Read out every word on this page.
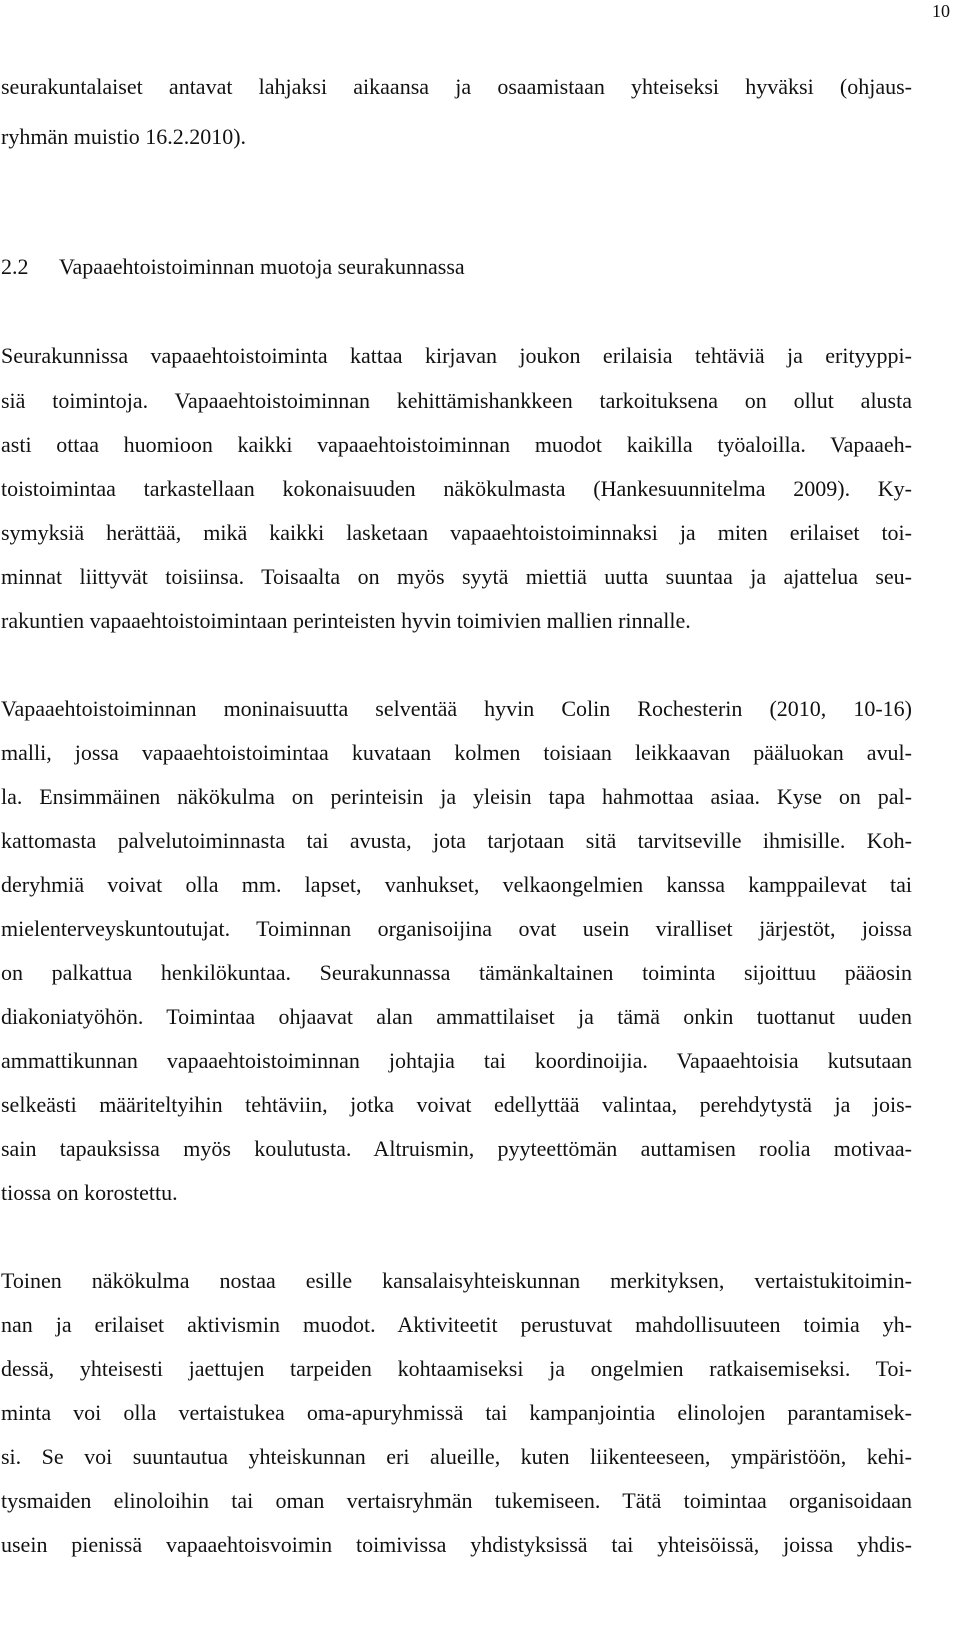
10
seurakuntalaiset antavat lahjaksi aikaansa ja osaamistaan yhteiseksi hyväksi (ohjaus-
ryhmän muistio 16.2.2010).
2.2 Vapaaehtoistoiminnan muotoja seurakunnassa
Seurakunnissa vapaaehtoistoiminta kattaa kirjavan joukon erilaisia tehtäviä ja erityyppi-
siä toimintoja. Vapaaehtoistoiminnan kehittämishankkeen tarkoituksena on ollut alusta
asti ottaa huomioon kaikki vapaaehtoistoiminnan muodot kaikilla työaloilla. Vapaaeh-
toistoimintaa tarkastellaan kokonaisuuden näkökulmasta (Hankesuunnitelma 2009). Ky-
symyksiä herättää, mikä kaikki lasketaan vapaaehtoistoiminnaksi ja miten erilaiset toi-
minnat liittyvät toisiinsa. Toisaalta on myös syytä miettiä uutta suuntaa ja ajattelua seu-
rakuntien vapaaehtoistoimintaan perinteisten hyvin toimivien mallien rinnalle.
Vapaaehtoistoiminnan moninaisuutta selventää hyvin Colin Rochesterin (2010, 10-16)
malli, jossa vapaaehtoistoimintaa kuvataan kolmen toisiaan leikkaavan pääluokan avul-
la. Ensimmäinen näkökulma on perinteisin ja yleisin tapa hahmottaa asiaa. Kyse on pal-
kattomasta palvelutoiminnasta tai avusta, jota tarjotaan sitä tarvitseville ihmisille. Koh-
deryhmiä voivat olla mm. lapset, vanhukset, velkaongelmien kanssa kamppailevat tai
mielenterveyskuntoutujat. Toiminnan organisoijina ovat usein viralliset järjestöt, joissa
on palkattua henkilökuntaa. Seurakunnassa tämänkaltainen toiminta sijoittuu pääosin
diakoniatyöhön. Toimintaa ohjaavat alan ammattilaiset ja tämä onkin tuottanut uuden
ammattikunnan vapaaehtoistoiminnan johtajia tai koordinoijia. Vapaaehtoisia kutsutaan
selkeästi määriteltyihin tehtäviin, jotka voivat edellyttää valintaa, perehdytystä ja jois-
sain tapauksissa myös koulutusta. Altruismin, pyyteettömän auttamisen roolia motivaa-
tiossa on korostettu.
Toinen näkökulma nostaa esille kansalaisyhteiskunnan merkityksen, vertaistukitoimin-
nan ja erilaiset aktivismin muodot. Aktiviteetit perustuvat mahdollisuuteen toimia yh-
dessä, yhteisesti jaettujen tarpeiden kohtaamiseksi ja ongelmien ratkaisemiseksi. Toi-
minta voi olla vertaistukea oma-apuryhmissä tai kampanjointia elinolojen parantamisek-
si. Se voi suuntautua yhteiskunnan eri alueille, kuten liikenteeseen, ympäristöön, kehi-
tysmaiden elinoloihin tai oman vertaisryhmän tukemiseen. Tätä toimintaa organisoidaan
usein pienissä vapaaehtoisvoimin toimivissa yhdistyksissä tai yhteisöissä, joissa yhdis-
